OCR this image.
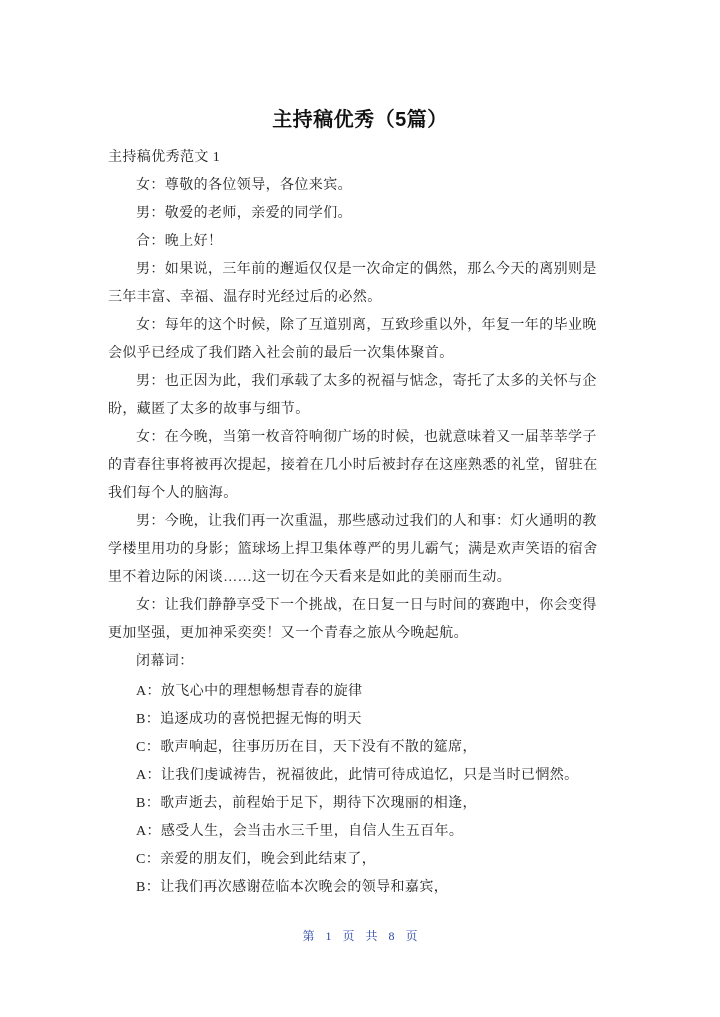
主持稿优秀（5篇）
主持稿优秀范文 1
女：尊敬的各位领导，各位来宾。
男：敬爱的老师，亲爱的同学们。
合：晚上好！
男：如果说，三年前的邂逅仅仅是一次命定的偶然，那么今天的离别则是
三年丰富、幸福、温存时光经过后的必然。
女：每年的这个时候，除了互道别离，互致珍重以外，年复一年的毕业晚
会似乎已经成了我们踏入社会前的最后一次集体聚首。
男：也正因为此，我们承载了太多的祝福与惦念，寄托了太多的关怀与企
盼，藏匿了太多的故事与细节。
女：在今晚，当第一枚音符响彻广场的时候，也就意味着又一届莘莘学子
的青春往事将被再次提起，接着在几小时后被封存在这座熟悉的礼堂，留驻在
我们每个人的脑海。
男：今晚，让我们再一次重温，那些感动过我们的人和事：灯火通明的教
学楼里用功的身影；篮球场上捍卫集体尊严的男儿霸气；满是欢声笑语的宿舍
里不着边际的闲谈……这一切在今天看来是如此的美丽而生动。
女：让我们静静享受下一个挑战，在日复一日与时间的赛跑中，你会变得
更加坚强，更加神采奕奕！又一个青春之旅从今晚起航。
闭幕词：
A：放飞心中的理想畅想青春的旋律
B：追逐成功的喜悦把握无悔的明天
C：歌声响起，往事历历在目，天下没有不散的筵席，
A：让我们虔诚祷告，祝福彼此，此情可待成追忆，只是当时已惘然。
B：歌声逝去，前程始于足下，期待下次瑰丽的相逢，
A：感受人生，会当击水三千里，自信人生五百年。
C：亲爱的朋友们，晚会到此结束了，
B：让我们再次感谢莅临本次晚会的领导和嘉宾，
第 1 页 共 8 页
